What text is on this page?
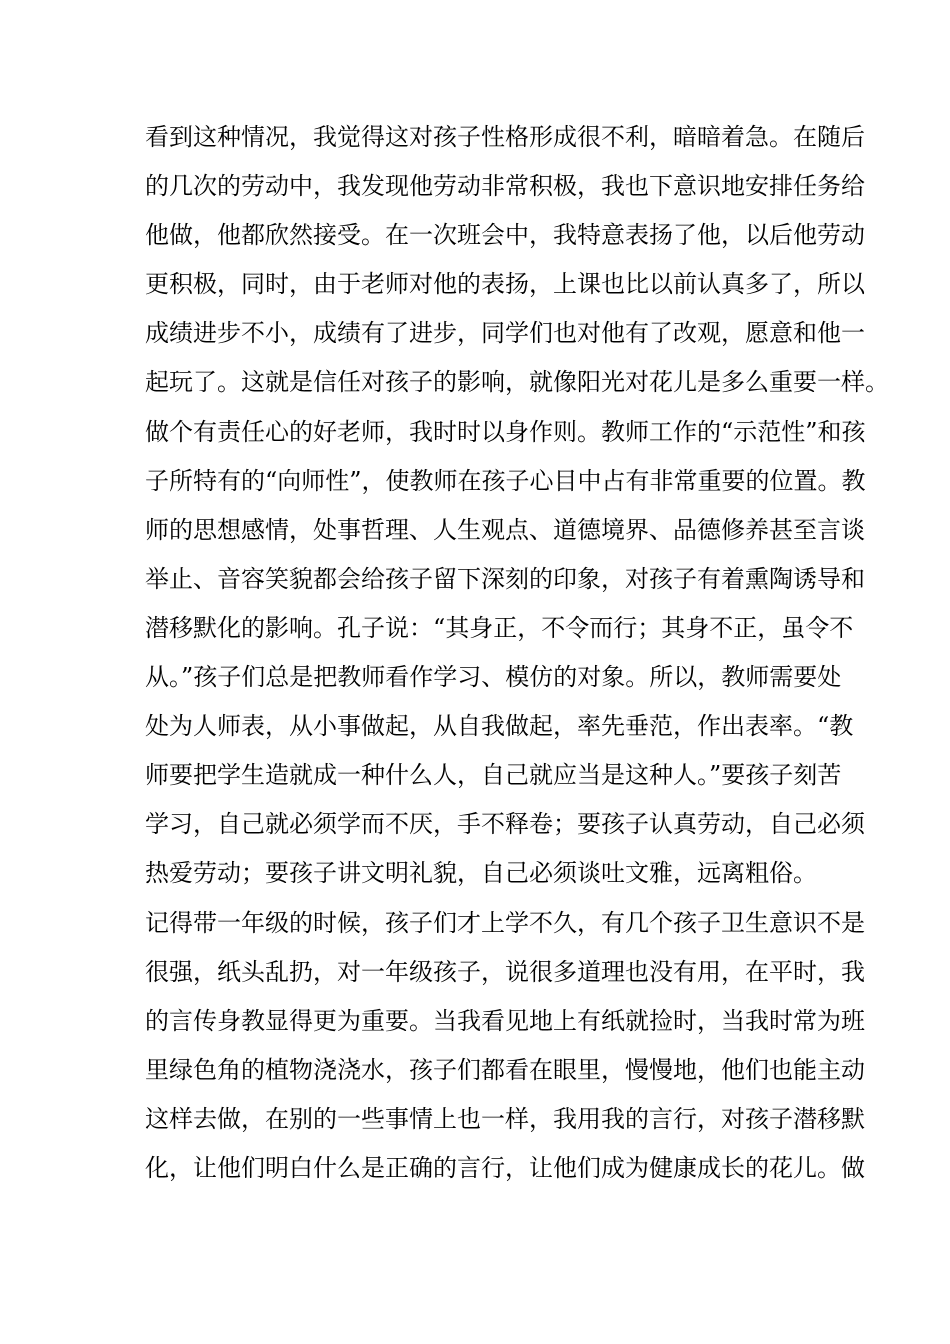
看到这种情况，我觉得这对孩子性格形成很不利，暗暗着急。在随后
的几次的劳动中，我发现他劳动非常积极，我也下意识地安排任务给
他做，他都欣然接受。在一次班会中，我特意表扬了他，以后他劳动
更积极，同时，由于老师对他的表扬，上课也比以前认真多了，所以
成绩进步不小，成绩有了进步，同学们也对他有了改观，愿意和他一
起玩了。这就是信任对孩子的影响，就像阳光对花儿是多么重要一样。
做个有责任心的好老师，我时时以身作则。教师工作的“示范性”和孩
子所特有的“向师性”，使教师在孩子心目中占有非常重要的位置。教
师的思想感情，处事哲理、人生观点、道德境界、品德修养甚至言谈
举止、音容笑貌都会给孩子留下深刻的印象，对孩子有着熏陶诱导和
潜移默化的影响。孔子说：“其身正，不令而行；其身不正，虽令不
从。”孩子们总是把教师看作学习、模仿的对象。所以，教师需要处
处为人师表，从小事做起，从自我做起，率先垂范，作出表率。“教
师要把学生造就成一种什么人，自己就应当是这种人。”要孩子刻苦
学习，自己就必须学而不厌，手不释卷；要孩子认真劳动，自己必须
热爱劳动；要孩子讲文明礼貌，自己必须谈吐文雅，远离粗俗。
记得带一年级的时候，孩子们才上学不久，有几个孩子卫生意识不是
很强，纸头乱扔，对一年级孩子，说很多道理也没有用，在平时，我
的言传身教显得更为重要。当我看见地上有纸就捡时，当我时常为班
里绿色角的植物浇浇水，孩子们都看在眼里，慢慢地，他们也能主动
这样去做，在别的一些事情上也一样，我用我的言行，对孩子潜移默
化，让他们明白什么是正确的言行，让他们成为健康成长的花儿。做
